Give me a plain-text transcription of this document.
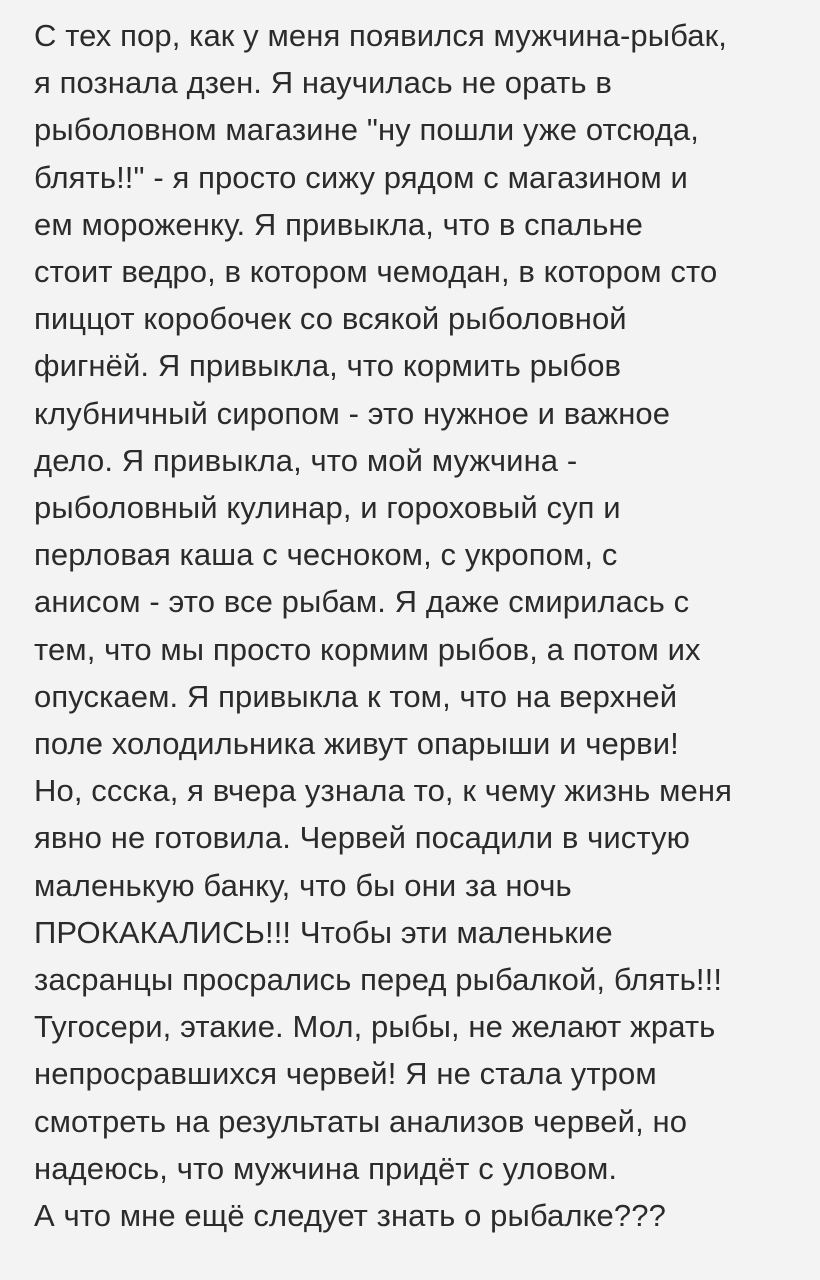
С тех пор, как у меня появился мужчина-рыбак,
я познала дзен. Я научилась не орать в
рыболовном магазине "ну пошли уже отсюда,
блять!!" - я просто сижу рядом с магазином и
ем мороженку. Я привыкла, что в спальне
стоит ведро, в котором чемодан, в котором сто
пиццот коробочек со всякой рыболовной
фигнёй. Я привыкла, что кормить рыбов
клубничный сиропом - это нужное и важное
дело. Я привыкла, что мой мужчина -
рыболовный кулинар, и гороховый суп и
перловая каша с чесноком, с укропом, с
анисом - это все рыбам. Я даже смирилась с
тем, что мы просто кормим рыбов, а потом их
опускаем. Я привыкла к том, что на верхней
поле холодильника живут опарыши и черви!
Но, ссска, я вчера узнала то, к чему жизнь меня
явно не готовила. Червей посадили в чистую
маленькую банку, что бы они за ночь
ПРОКАКАЛИСЬ!!! Чтобы эти маленькие
засранцы просрались перед рыбалкой, блять!!!
Тугосери, этакие. Мол, рыбы, не желают жрать
непросравшихся червей! Я не стала утром
смотреть на результаты анализов червей, но
надеюсь, что мужчина придёт с уловом.
А что мне ещё следует знать о рыбалке???
